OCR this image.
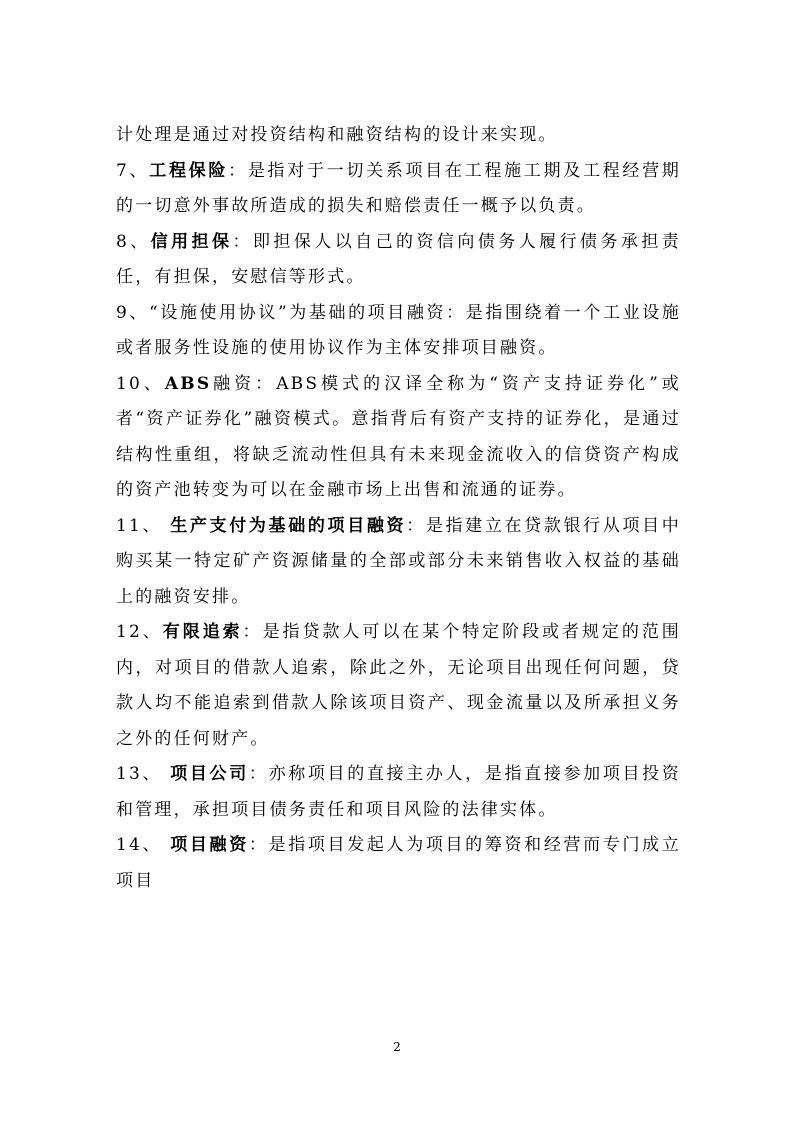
计处理是通过对投资结构和融资结构的设计来实现。

7、工程保险：是指对于一切关系项目在工程施工期及工程经营期的一切意外事故所造成的损失和赔偿责任一概予以负责。

8、信用担保：即担保人以自己的资信向债务人履行债务承担责任，有担保，安慰信等形式。

9、“设施使用协议”为基础的项目融资：是指围绕着一个工业设施或者服务性设施的使用协议作为主体安排项目融资。

10、ABS融资：ABS模式的汉译全称为“资产支持证券化”或者“资产证券化”融资模式。意指背后有资产支持的证券化，是通过结构性重组，将缺乏流动性但具有未来现金流收入的信贷资产构成的资产池转变为可以在金融市场上出售和流通的证券。

11、 生产支付为基础的项目融资：是指建立在贷款银行从项目中购买某一特定矿产资源储量的全部或部分未来销售收入权益的基础上的融资安排。

12、有限追索：是指贷款人可以在某个特定阶段或者规定的范围内，对项目的借款人追索，除此之外，无论项目出现任何问题，贷款人均不能追索到借款人除该项目资产、现金流量以及所承担义务之外的任何财产。

13、 项目公司：亦称项目的直接主办人，是指直接参加项目投资和管理，承担项目债务责任和项目风险的法律实体。

14、 项目融资：是指项目发起人为项目的筹资和经营而专门成立项目

2
